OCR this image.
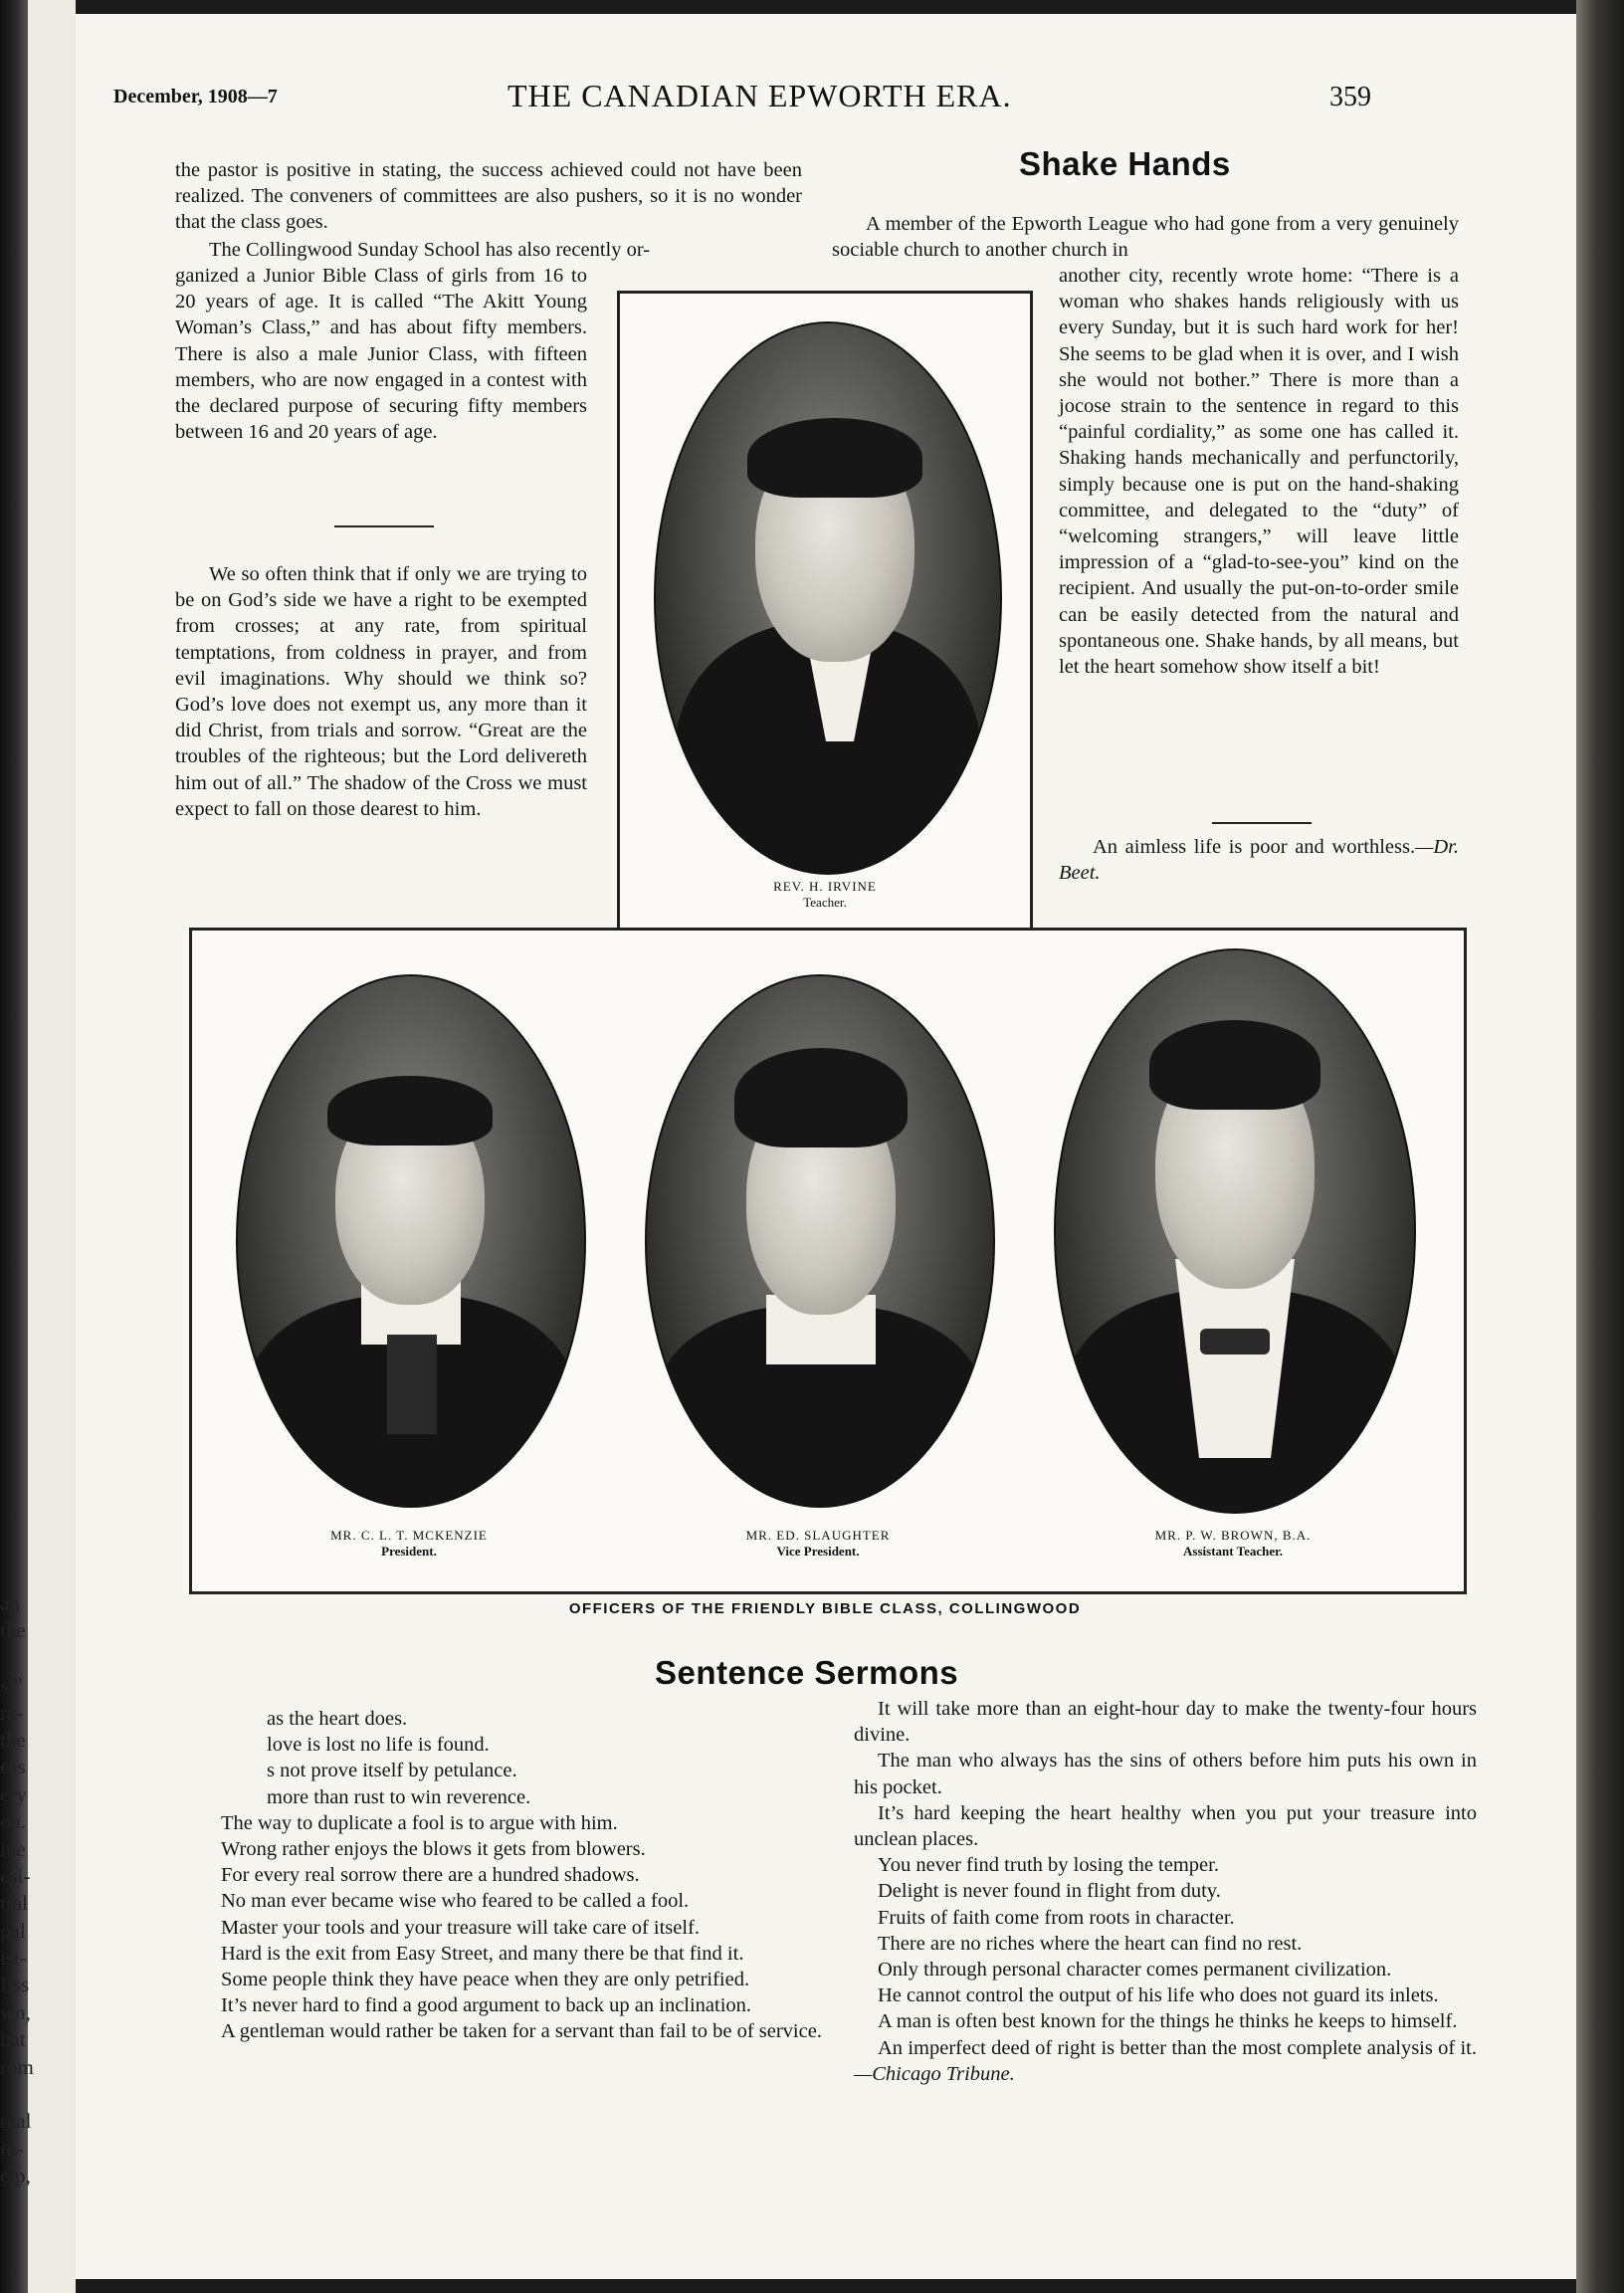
an
the
s,”
ra-
the
ess
ery
on.
ine
esi-
tral
pal
ist-
Iiss
wn,
hat
rom
real
in-
elp,
December, 1908—7	THE CANADIAN EPWORTH ERA.	359

the pastor is positive in stating, the success achieved could not have been realized. The conveners of committees are also pushers, so it is no wonder that the class goes.

The Collingwood Sunday School has also recently or-

ganized a Junior Bible Class of girls from 16 to 20 years of age. It is called “The Akitt Young Woman’s Class,” and has about fifty members. There is also a male Junior Class, with fifteen members, who are now engaged in a contest with the declared purpose of securing fifty members between 16 and 20 years of age.

We so often think that if only we are trying to be on God’s side we have a right to be exempted from crosses; at any rate, from spiritual temptations, from coldness in prayer, and from evil imaginations. Why should we think so? God’s love does not exempt us, any more than it did Christ, from trials and sorrow. “Great are the troubles of the righteous; but the Lord delivereth him out of all.” The shadow of the Cross we must expect to fall on those dearest to him.

REV. H. IRVINE
Teacher.
Shake Hands

A member of the Epworth League who had gone from a very genuinely sociable church to another church in

another city, recently wrote home: “There is a woman who shakes hands religiously with us every Sunday, but it is such hard work for her! She seems to be glad when it is over, and I wish she would not bother.” There is more than a jocose strain to the sentence in regard to this “painful cordiality,” as some one has called it. Shaking hands mechanically and perfunctorily, simply because one is put on the hand-shaking committee, and delegated to the “duty” of “welcoming strangers,” will leave little impression of a “glad-to-see-you” kind on the recipient. And usually the put-on-to-order smile can be easily detected from the natural and spontaneous one. Shake hands, by all means, but let the heart somehow show itself a bit!

An aimless life is poor and worthless.—Dr. Beet.

MR. C. L. T. MCKENZIE
President.
MR. ED. SLAUGHTER
Vice President.
MR. P. W. BROWN, B.A.
Assistant Teacher.
OFFICERS OF THE FRIENDLY BIBLE CLASS, COLLINGWOOD
Sentence Sermons

as the heart does.

love is lost no life is found.

s not prove itself by petulance.

more than rust to win reverence.

The way to duplicate a fool is to argue with him.

Wrong rather enjoys the blows it gets from blowers.

For every real sorrow there are a hundred shadows.

No man ever became wise who feared to be called a fool.

Master your tools and your treasure will take care of itself.

Hard is the exit from Easy Street, and many there be that find it.

Some people think they have peace when they are only petrified.

It’s never hard to find a good argument to back up an inclination.

A gentleman would rather be taken for a servant than fail to be of service.

It will take more than an eight-hour day to make the twenty-four hours divine.

The man who always has the sins of others before him puts his own in his pocket.

It’s hard keeping the heart healthy when you put your treasure into unclean places.

You never find truth by losing the temper.

Delight is never found in flight from duty.

Fruits of faith come from roots in character.

There are no riches where the heart can find no rest.

Only through personal character comes permanent civilization.

He cannot control the output of his life who does not guard its inlets.

A man is often best known for the things he thinks he keeps to himself.

An imperfect deed of right is better than the most complete analysis of it.—Chicago Tribune.
